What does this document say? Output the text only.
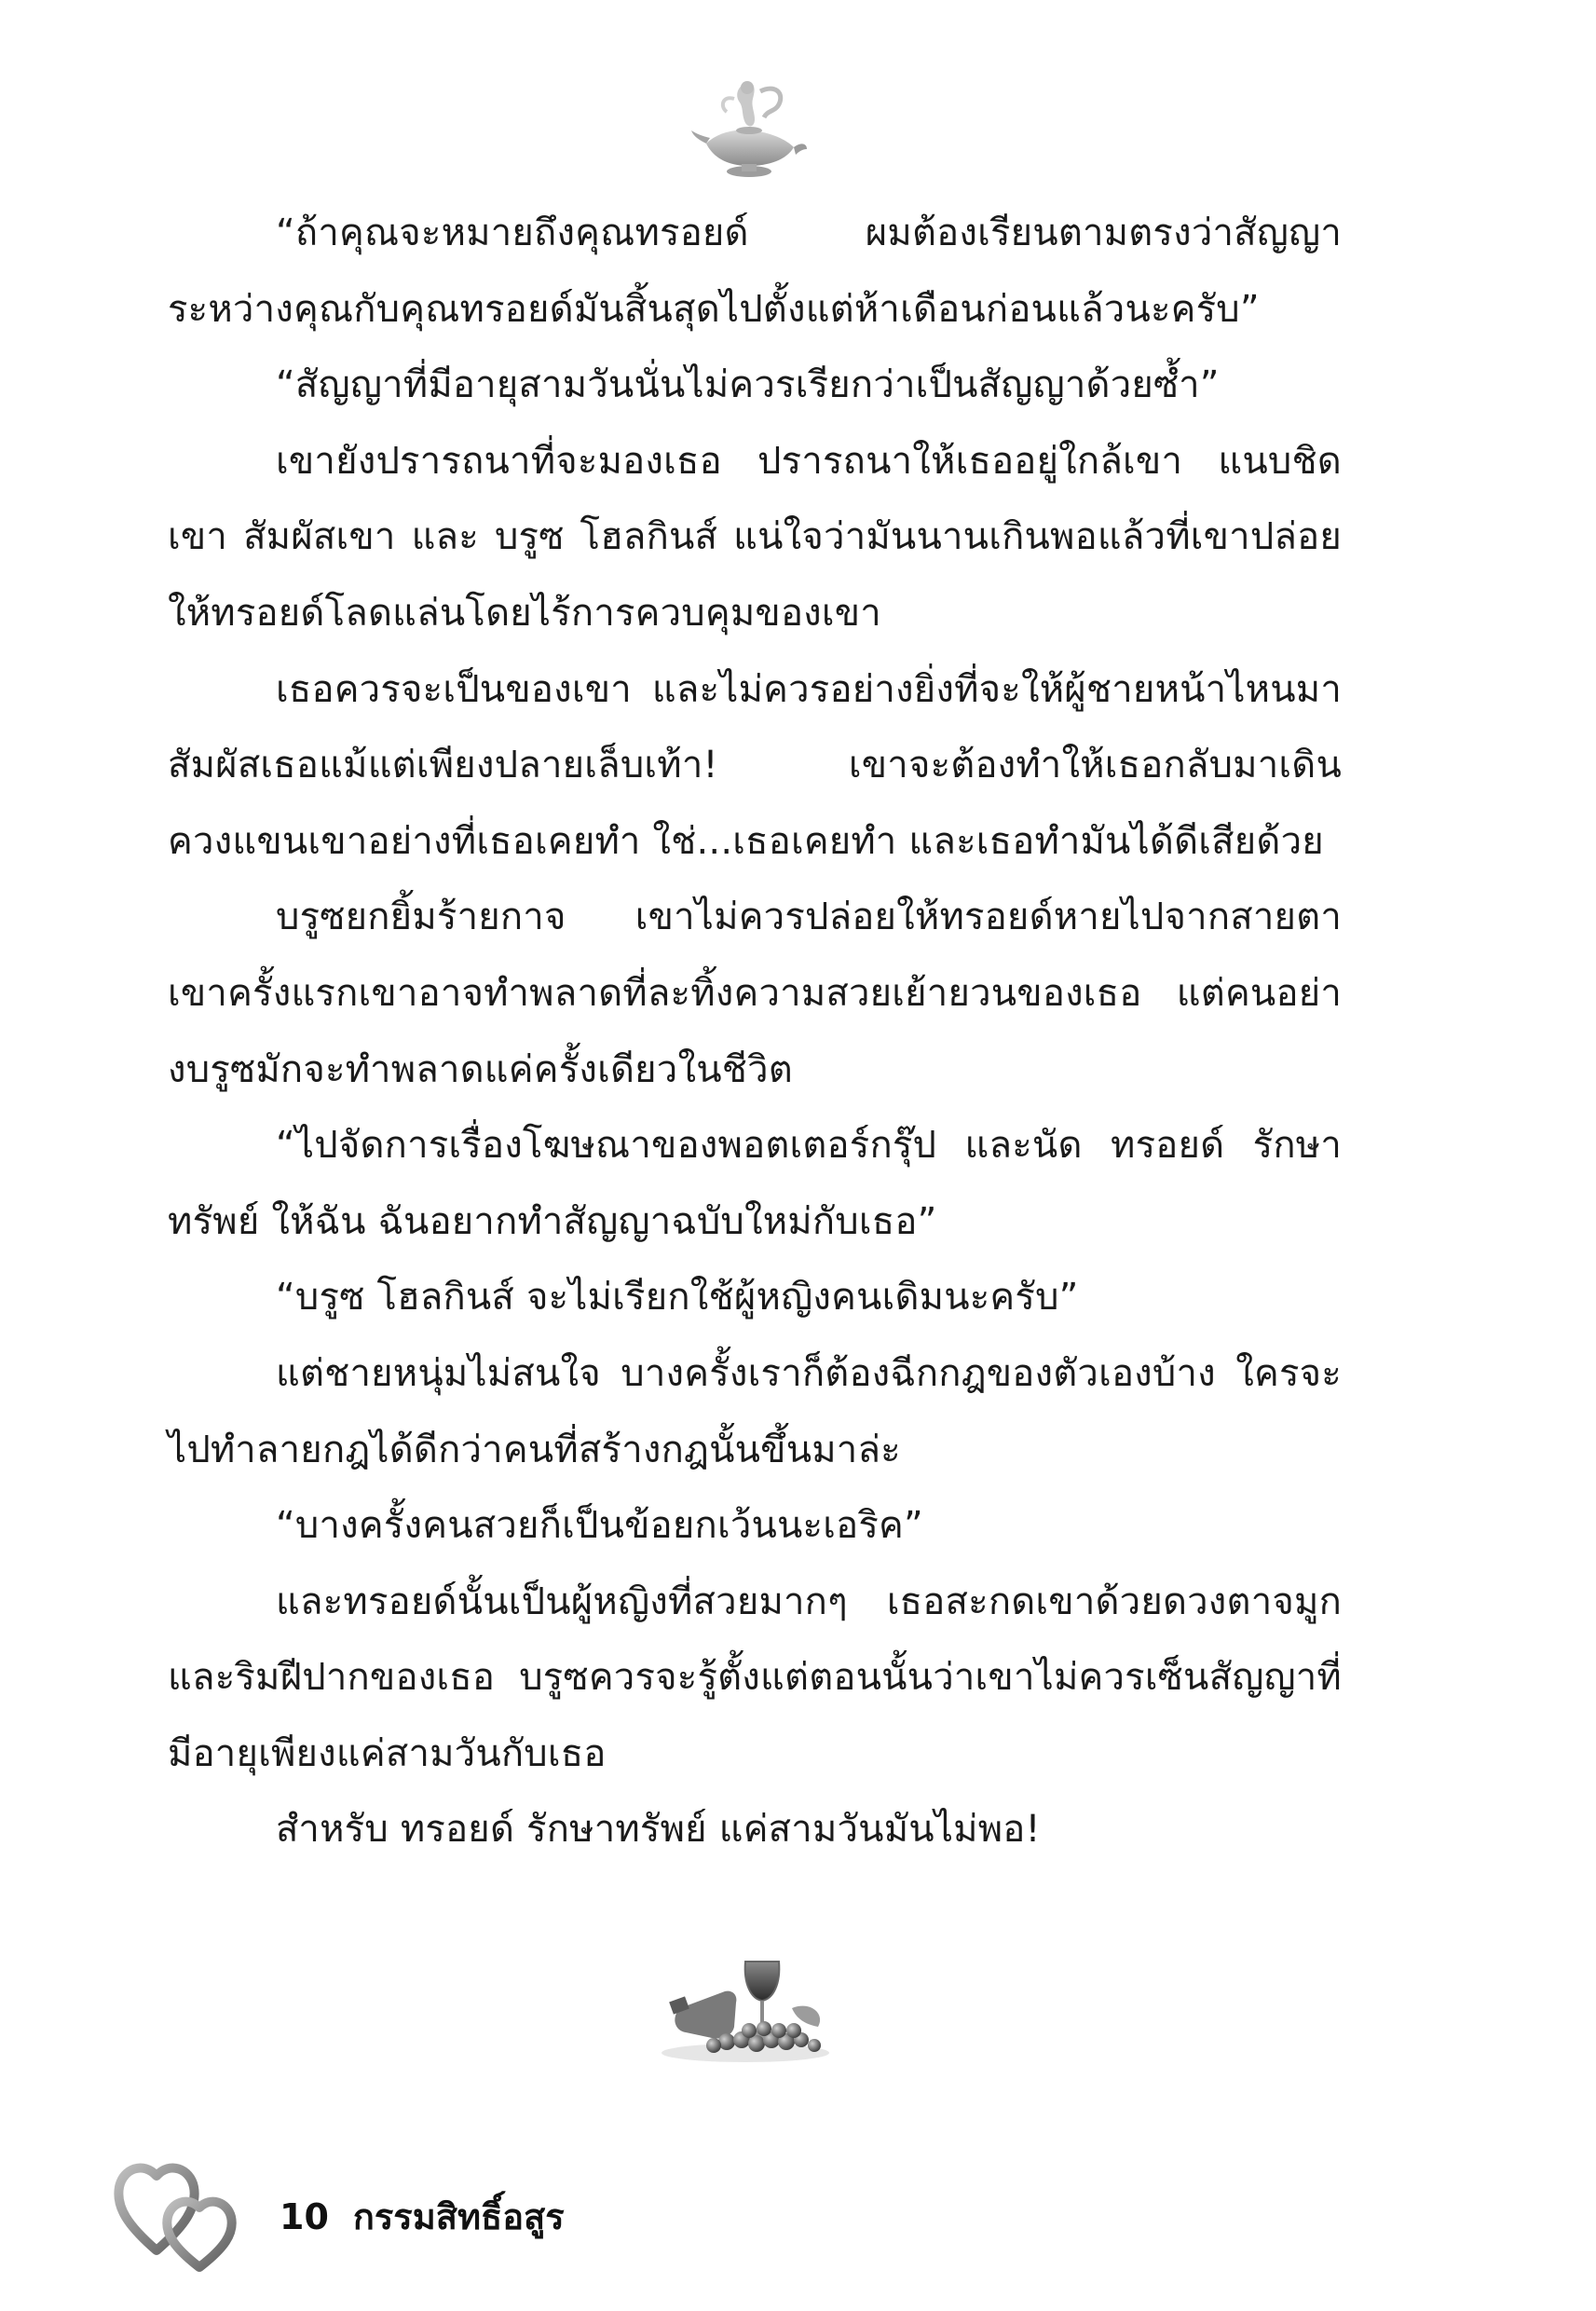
“ถ้าคุณจะหมายถึงคุณทรอยด์ ผมต้องเรียนตามตรงว่าสัญญาระหว่างคุณกับคุณทรอยด์มันสิ้นสุดไปตั้งแต่ห้าเดือนก่อนแล้วนะครับ”

“สัญญาที่มีอายุสามวันนั่นไม่ควรเรียกว่าเป็นสัญญาด้วยซ้ำ”

เขายังปรารถนาที่จะมองเธอ ปรารถนาให้เธออยู่ใกล้เขา แนบชิดเขา สัมผัสเขา และ บรูซ โฮลกินส์ แน่ใจว่ามันนานเกินพอแล้วที่เขาปล่อยให้ทรอยด์โลดแล่นโดยไร้การควบคุมของเขา

เธอควรจะเป็นของเขา และไม่ควรอย่างยิ่งที่จะให้ผู้ชายหน้าไหนมาสัมผัสเธอแม้แต่เพียงปลายเล็บเท้า! เขาจะต้องทำให้เธอกลับมาเดินควงแขนเขาอย่างที่เธอเคยทำ ใช่...เธอเคยทำ และเธอทำมันได้ดีเสียด้วย

บรูซยกยิ้มร้ายกาจ เขาไม่ควรปล่อยให้ทรอยด์หายไปจากสายตาเขาครั้งแรกเขาอาจทำพลาดที่ละทิ้งความสวยเย้ายวนของเธอ แต่คนอย่างบรูซมักจะทำพลาดแค่ครั้งเดียวในชีวิต

“ไปจัดการเรื่องโฆษณาของพอตเตอร์กรุ๊ป และนัด ทรอยด์ รักษาทรัพย์ ให้ฉัน ฉันอยากทำสัญญาฉบับใหม่กับเธอ”

“บรูซ โฮลกินส์ จะไม่เรียกใช้ผู้หญิงคนเดิมนะครับ”

แต่ชายหนุ่มไม่สนใจ บางครั้งเราก็ต้องฉีกกฎของตัวเองบ้าง ใครจะไปทำลายกฎได้ดีกว่าคนที่สร้างกฎนั้นขึ้นมาล่ะ

“บางครั้งคนสวยก็เป็นข้อยกเว้นนะเอริค”

และทรอยด์นั้นเป็นผู้หญิงที่สวยมากๆ เธอสะกดเขาด้วยดวงตาจมูก และริมฝีปากของเธอ บรูซควรจะรู้ตั้งแต่ตอนนั้นว่าเขาไม่ควรเซ็นสัญญาที่มีอายุเพียงแค่สามวันกับเธอ

สำหรับ ทรอยด์ รักษาทรัพย์ แค่สามวันมันไม่พอ!

10 กรรมสิทธิ์อสูร
